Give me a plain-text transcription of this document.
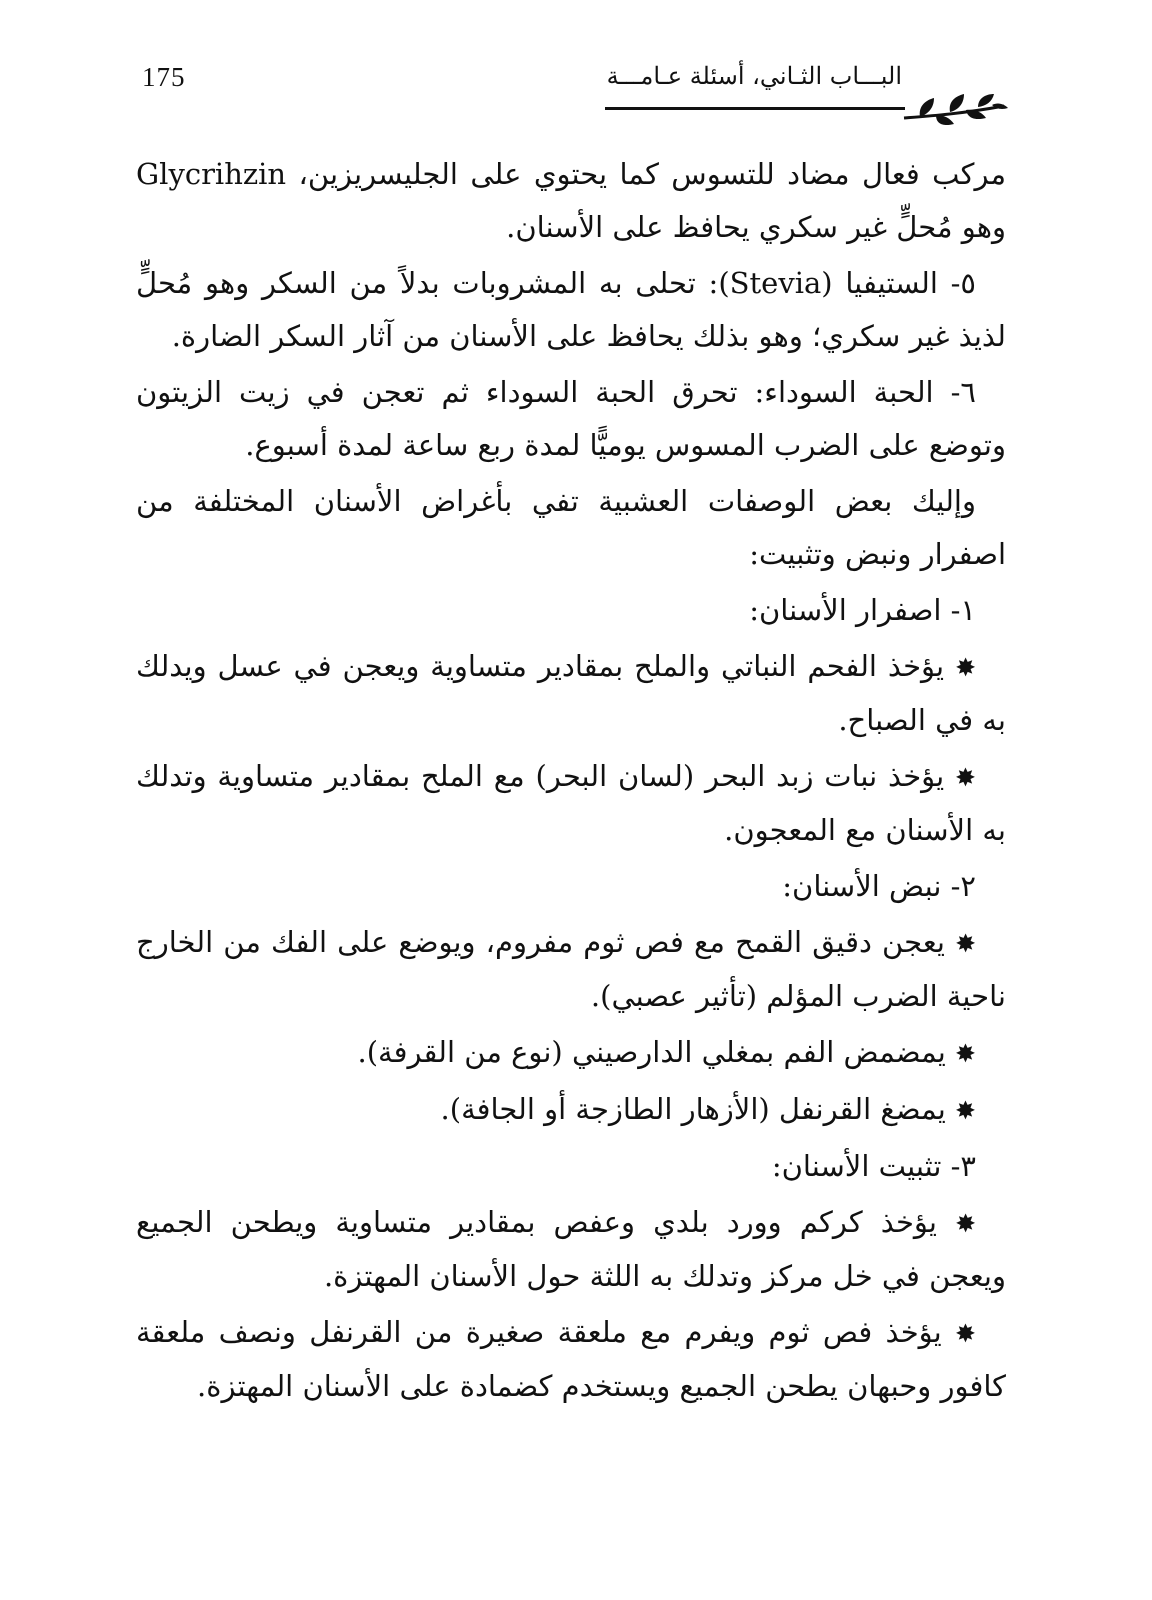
175	البـــاب الثـاني، أسئلة عـامـــة

مركب فعال مضاد للتسوس كما يحتوي على الجليسريزين، Glycrihzin وهو مُحلٍّ غير سكري يحافظ على الأسنان.

٥- الستيفيا (Stevia): تحلى به المشروبات بدلاً من السكر وهو مُحلٍّ لذيذ غير سكري؛ وهو بذلك يحافظ على الأسنان من آثار السكر الضارة.

٦- الحبة السوداء: تحرق الحبة السوداء ثم تعجن في زيت الزيتون وتوضع على الضرب المسوس يوميًّا لمدة ربع ساعة لمدة أسبوع.

وإليك بعض الوصفات العشبية تفي بأغراض الأسنان المختلفة من اصفرار ونبض وتثبيت:

١- اصفرار الأسنان:

✸ يؤخذ الفحم النباتي والملح بمقادير متساوية ويعجن في عسل ويدلك به في الصباح.

✸ يؤخذ نبات زبد البحر (لسان البحر) مع الملح بمقادير متساوية وتدلك به الأسنان مع المعجون.

٢- نبض الأسنان:

✸ يعجن دقيق القمح مع فص ثوم مفروم، ويوضع على الفك من الخارج ناحية الضرب المؤلم (تأثير عصبي).

✸ يمضمض الفم بمغلي الدارصيني (نوع من القرفة).

✸ يمضغ القرنفل (الأزهار الطازجة أو الجافة).

٣- تثبيت الأسنان:

✸ يؤخذ كركم وورد بلدي وعفص بمقادير متساوية ويطحن الجميع ويعجن في خل مركز وتدلك به اللثة حول الأسنان المهتزة.

✸ يؤخذ فص ثوم ويفرم مع ملعقة صغيرة من القرنفل ونصف ملعقة كافور وحبهان يطحن الجميع ويستخدم كضمادة على الأسنان المهتزة.
